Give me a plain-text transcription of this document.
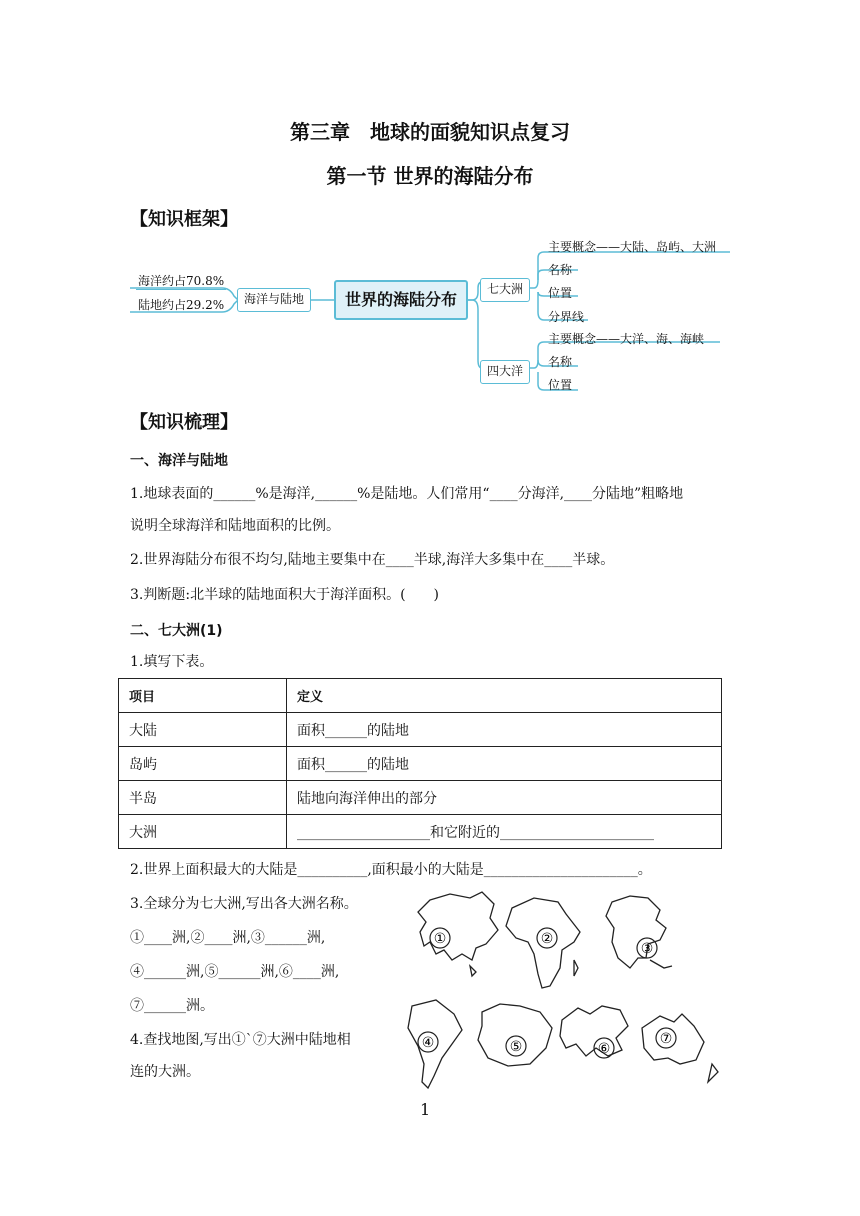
第三章　地球的面貌知识点复习
第一节 世界的海陆分布
【知识框架】
海洋约占70.8%
陆地约占29.2%	海洋与陆地	世界的海陆分布
七大洲
四大洋
主要概念——大陆、岛屿、大洲
名称
位置
分界线
主要概念——大洋、海、海峡
名称
位置
【知识梳理】
一、海洋与陆地
1.地球表面的______%是海洋,______%是陆地。人们常用“____分海洋,____分陆地”粗略地
说明全球海洋和陆地面积的比例。
2.世界海陆分布很不均匀,陆地主要集中在____半球,海洋大多集中在____半球。
3.判断题:北半球的陆地面积大于海洋面积。(　　)
二、七大洲(1)
1.填写下表。
项目	定义
大陆	面积______的陆地
岛屿	面积______的陆地
半岛	陆地向海洋伸出的部分
大洲	___________________和它附近的______________________
2.世界上面积最大的大陆是__________,面积最小的大陆是______________________。
3.全球分为七大洲,写出各大洲名称。
①____洲,②____洲,③______洲,
④______洲,⑤______洲,⑥____洲,
⑦______洲。
4.查找地图,写出①`⑦大洲中陆地相
连的大洲。
①	②
③
④	⑤	⑥
⑦
1
